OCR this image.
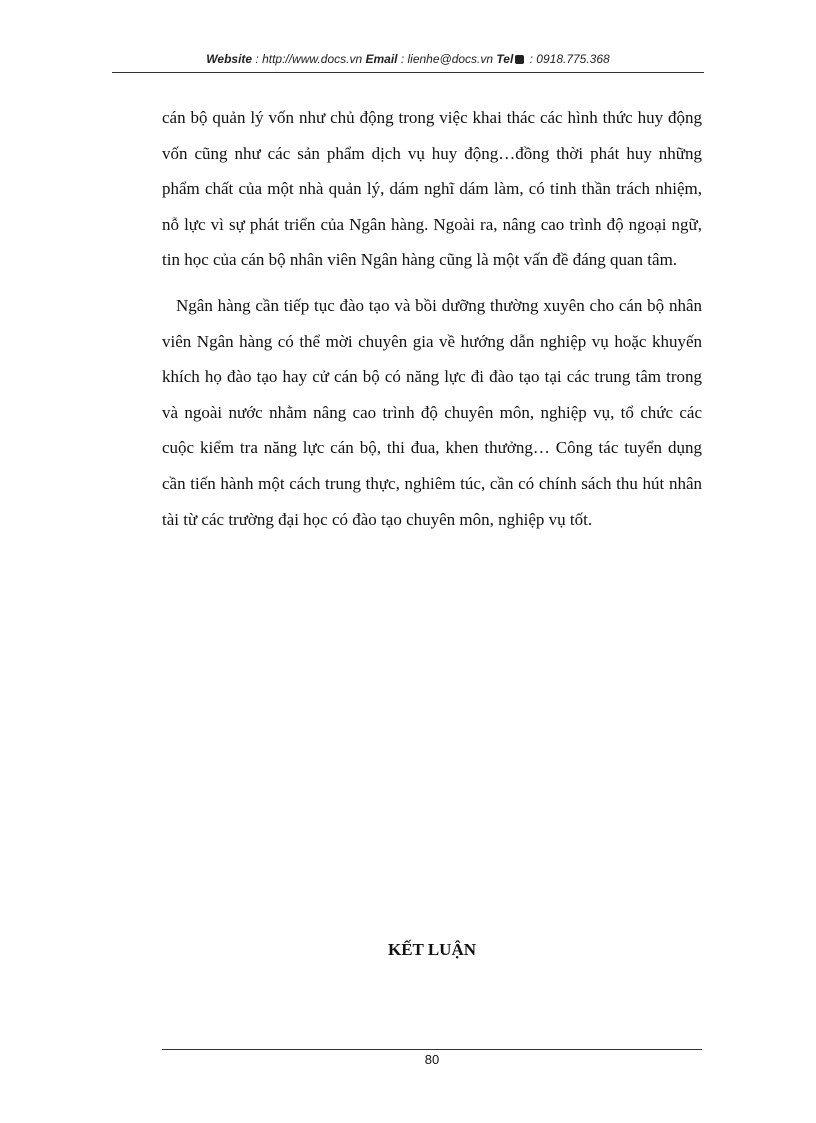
Website : http://www.docs.vn Email : lienhe@docs.vn Tel : 0918.775.368

cán bộ quản lý vốn như chủ động trong việc khai thác các hình thức huy động vốn cũng như các sản phẩm dịch vụ huy động…đồng thời phát huy những phẩm chất của một nhà quản lý, dám nghĩ dám làm, có tinh thần trách nhiệm, nỗ lực vì sự phát triển của Ngân hàng. Ngoài ra, nâng cao trình độ ngoại ngữ, tin học của cán bộ nhân viên Ngân hàng cũng là một vấn đề đáng quan tâm.

Ngân hàng cần tiếp tục đào tạo và bồi dưỡng thường xuyên cho cán bộ nhân viên Ngân hàng có thể mời chuyên gia về hướng dẫn nghiệp vụ hoặc khuyến khích họ đào tạo hay cử cán bộ có năng lực đi đào tạo tại các trung tâm trong và ngoài nước nhằm nâng cao trình độ chuyên môn, nghiệp vụ, tổ chức các cuộc kiểm tra năng lực cán bộ, thi đua, khen thưởng… Công tác tuyển dụng cần tiến hành một cách trung thực, nghiêm túc, cần có chính sách thu hút nhân tài từ các trường đại học có đào tạo chuyên môn, nghiệp vụ tốt.

KẾT LUẬN
80
